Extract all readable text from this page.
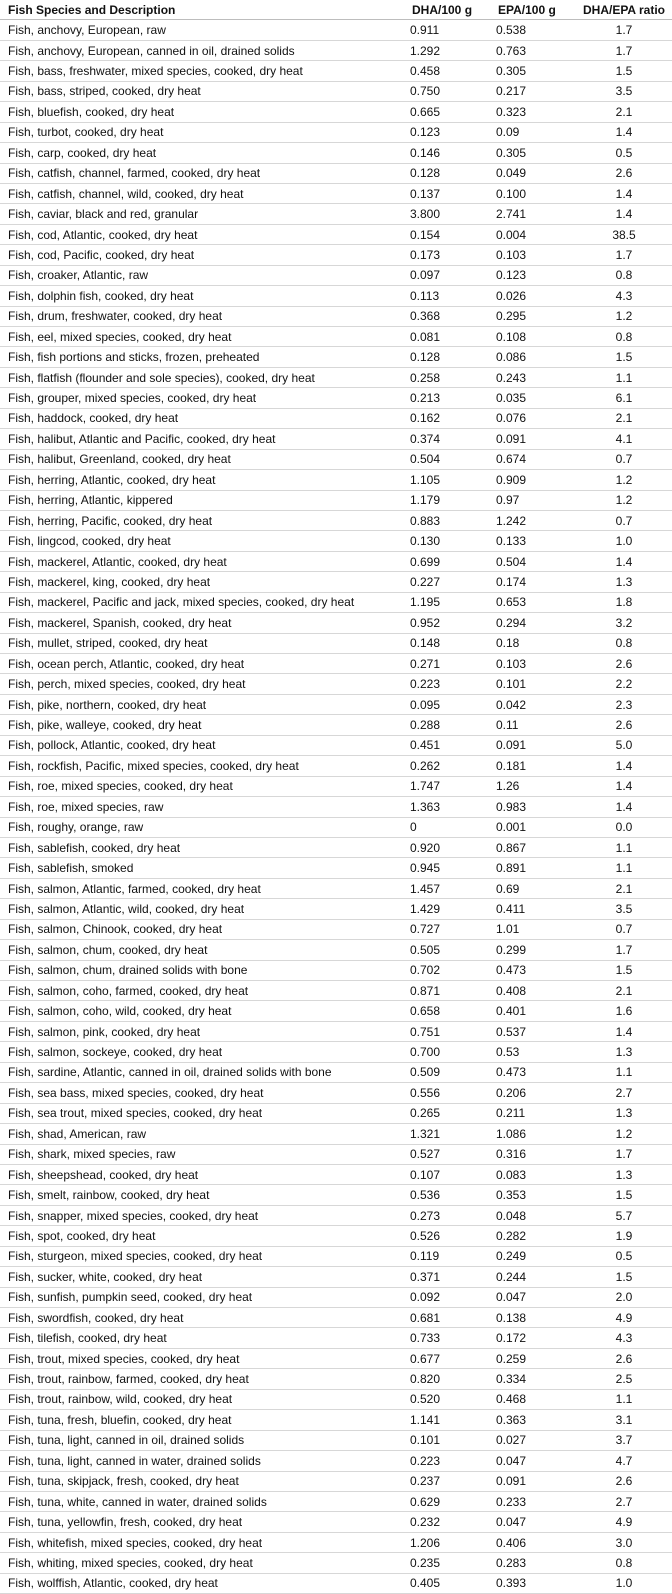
Fish Species and Description	DHA/100 g	EPA/100 g	DHA/EPA ratio
Fish, anchovy, European, raw	0.911	0.538	1.7
Fish, anchovy, European, canned in oil, drained solids	1.292	0.763	1.7
Fish, bass, freshwater, mixed species, cooked, dry heat	0.458	0.305	1.5
Fish, bass, striped, cooked, dry heat	0.750	0.217	3.5
Fish, bluefish, cooked, dry heat	0.665	0.323	2.1
Fish, turbot, cooked, dry heat	0.123	0.09	1.4
Fish, carp, cooked, dry heat	0.146	0.305	0.5
Fish, catfish, channel, farmed, cooked, dry heat	0.128	0.049	2.6
Fish, catfish, channel, wild, cooked, dry heat	0.137	0.100	1.4
Fish, caviar, black and red, granular	3.800	2.741	1.4
Fish, cod, Atlantic, cooked, dry heat	0.154	0.004	38.5
Fish, cod, Pacific, cooked, dry heat	0.173	0.103	1.7
Fish, croaker, Atlantic, raw	0.097	0.123	0.8
Fish, dolphin fish, cooked, dry heat	0.113	0.026	4.3
Fish, drum, freshwater, cooked, dry heat	0.368	0.295	1.2
Fish, eel, mixed species, cooked, dry heat	0.081	0.108	0.8
Fish, fish portions and sticks, frozen, preheated	0.128	0.086	1.5
Fish, flatfish (flounder and sole species), cooked, dry heat	0.258	0.243	1.1
Fish, grouper, mixed species, cooked, dry heat	0.213	0.035	6.1
Fish, haddock, cooked, dry heat	0.162	0.076	2.1
Fish, halibut, Atlantic and Pacific, cooked, dry heat	0.374	0.091	4.1
Fish, halibut, Greenland, cooked, dry heat	0.504	0.674	0.7
Fish, herring, Atlantic, cooked, dry heat	1.105	0.909	1.2
Fish, herring, Atlantic, kippered	1.179	0.97	1.2
Fish, herring, Pacific, cooked, dry heat	0.883	1.242	0.7
Fish, lingcod, cooked, dry heat	0.130	0.133	1.0
Fish, mackerel, Atlantic, cooked, dry heat	0.699	0.504	1.4
Fish, mackerel, king, cooked, dry heat	0.227	0.174	1.3
Fish, mackerel, Pacific and jack, mixed species, cooked, dry heat	1.195	0.653	1.8
Fish, mackerel, Spanish, cooked, dry heat	0.952	0.294	3.2
Fish, mullet, striped, cooked, dry heat	0.148	0.18	0.8
Fish, ocean perch, Atlantic, cooked, dry heat	0.271	0.103	2.6
Fish, perch, mixed species, cooked, dry heat	0.223	0.101	2.2
Fish, pike, northern, cooked, dry heat	0.095	0.042	2.3
Fish, pike, walleye, cooked, dry heat	0.288	0.11	2.6
Fish, pollock, Atlantic, cooked, dry heat	0.451	0.091	5.0
Fish, rockfish, Pacific, mixed species, cooked, dry heat	0.262	0.181	1.4
Fish, roe, mixed species, cooked, dry heat	1.747	1.26	1.4
Fish, roe, mixed species, raw	1.363	0.983	1.4
Fish, roughy, orange, raw	0	0.001	0.0
Fish, sablefish, cooked, dry heat	0.920	0.867	1.1
Fish, sablefish, smoked	0.945	0.891	1.1
Fish, salmon, Atlantic, farmed, cooked, dry heat	1.457	0.69	2.1
Fish, salmon, Atlantic, wild, cooked, dry heat	1.429	0.411	3.5
Fish, salmon, Chinook, cooked, dry heat	0.727	1.01	0.7
Fish, salmon, chum, cooked, dry heat	0.505	0.299	1.7
Fish, salmon, chum, drained solids with bone	0.702	0.473	1.5
Fish, salmon, coho, farmed, cooked, dry heat	0.871	0.408	2.1
Fish, salmon, coho, wild, cooked, dry heat	0.658	0.401	1.6
Fish, salmon, pink, cooked, dry heat	0.751	0.537	1.4
Fish, salmon, sockeye, cooked, dry heat	0.700	0.53	1.3
Fish, sardine, Atlantic, canned in oil, drained solids with bone	0.509	0.473	1.1
Fish, sea bass, mixed species, cooked, dry heat	0.556	0.206	2.7
Fish, sea trout, mixed species, cooked, dry heat	0.265	0.211	1.3
Fish, shad, American, raw	1.321	1.086	1.2
Fish, shark, mixed species, raw	0.527	0.316	1.7
Fish, sheepshead, cooked, dry heat	0.107	0.083	1.3
Fish, smelt, rainbow, cooked, dry heat	0.536	0.353	1.5
Fish, snapper, mixed species, cooked, dry heat	0.273	0.048	5.7
Fish, spot, cooked, dry heat	0.526	0.282	1.9
Fish, sturgeon, mixed species, cooked, dry heat	0.119	0.249	0.5
Fish, sucker, white, cooked, dry heat	0.371	0.244	1.5
Fish, sunfish, pumpkin seed, cooked, dry heat	0.092	0.047	2.0
Fish, swordfish, cooked, dry heat	0.681	0.138	4.9
Fish, tilefish, cooked, dry heat	0.733	0.172	4.3
Fish, trout, mixed species, cooked, dry heat	0.677	0.259	2.6
Fish, trout, rainbow, farmed, cooked, dry heat	0.820	0.334	2.5
Fish, trout, rainbow, wild, cooked, dry heat	0.520	0.468	1.1
Fish, tuna, fresh, bluefin, cooked, dry heat	1.141	0.363	3.1
Fish, tuna, light, canned in oil, drained solids	0.101	0.027	3.7
Fish, tuna, light, canned in water, drained solids	0.223	0.047	4.7
Fish, tuna, skipjack, fresh, cooked, dry heat	0.237	0.091	2.6
Fish, tuna, white, canned in water, drained solids	0.629	0.233	2.7
Fish, tuna, yellowfin, fresh, cooked, dry heat	0.232	0.047	4.9
Fish, whitefish, mixed species, cooked, dry heat	1.206	0.406	3.0
Fish, whiting, mixed species, cooked, dry heat	0.235	0.283	0.8
Fish, wolffish, Atlantic, cooked, dry heat	0.405	0.393	1.0
